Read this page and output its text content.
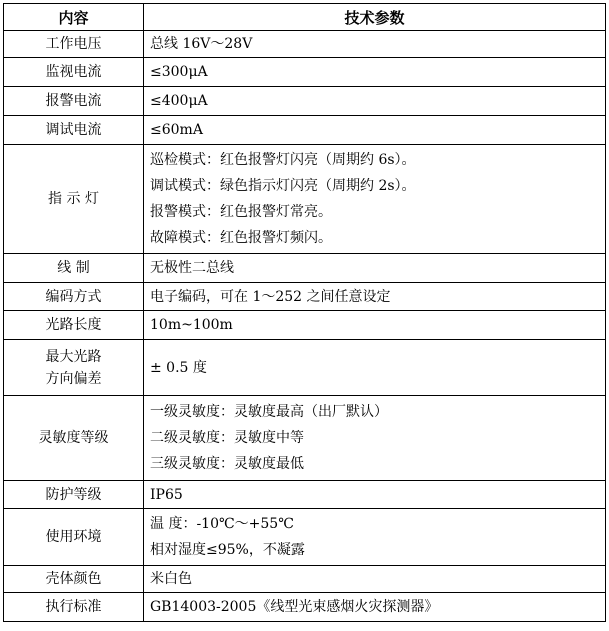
内容	技术参数

工作电压	总线 16V～28V

监视电流	≤300μA

报警电流	≤400μA

调试电流	≤60mA

指 示 灯	巡检模式：红色报警灯闪亮（周期约 6s）。
调试模式：绿色指示灯闪亮（周期约 2s）。
报警模式：红色报警灯常亮。
故障模式：红色报警灯频闪。

线 制	无极性二总线

编码方式	电子编码，可在 1～252 之间任意设定

光路长度	10m~100m

最大光路
方向偏差	± 0.5 度

灵敏度等级	一级灵敏度：灵敏度最高（出厂默认）
二级灵敏度：灵敏度中等
三级灵敏度：灵敏度最低

防护等级	IP65

使用环境	温 度：-10℃～+55℃
相对湿度≤95%，不凝露

壳体颜色	米白色

执行标准	GB14003-2005《线型光束感烟火灾探测器》
